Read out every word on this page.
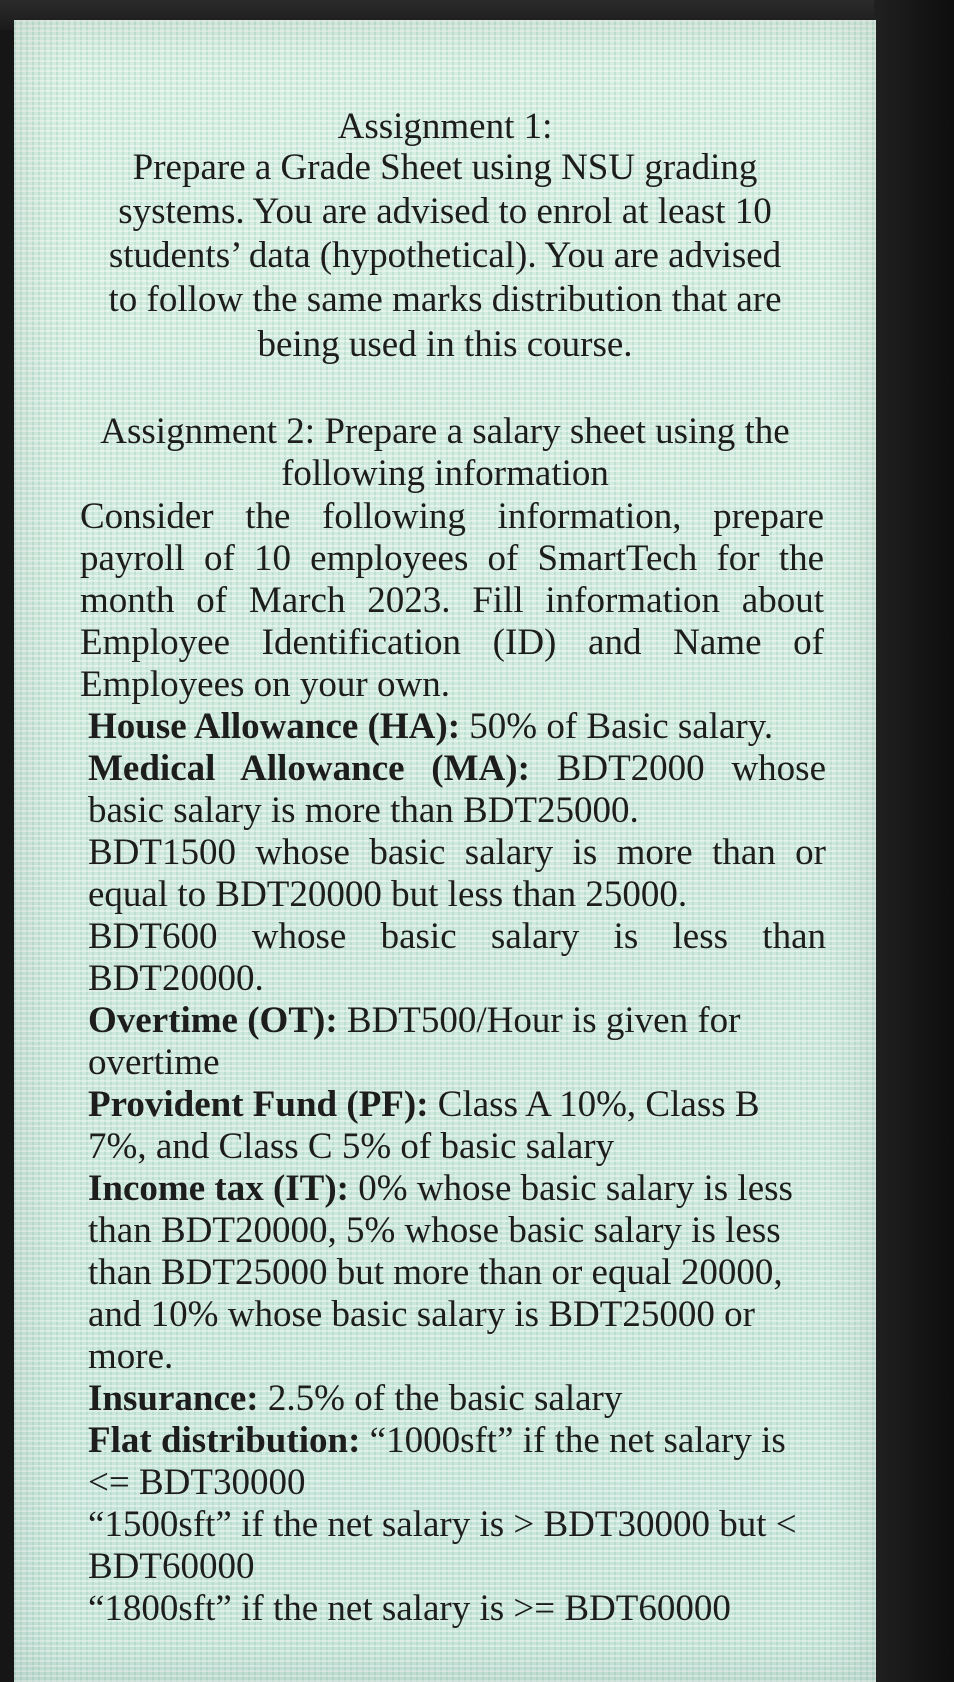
Assignment 1:
Prepare a Grade Sheet using NSU grading
systems. You are advised to enrol at least 10
students’ data (hypothetical). You are advised
to follow the same marks distribution that are
being used in this course.
Assignment 2: Prepare a salary sheet using the
following information
Consider the following information, prepare
payroll of 10 employees of SmartTech for the
month of March 2023. Fill information about
Employee Identification (ID) and Name of
Employees on your own.
House Allowance (HA): 50% of Basic salary.
Medical Allowance (MA): BDT2000 whose
basic salary is more than BDT25000.
BDT1500 whose basic salary is more than or
equal to BDT20000 but less than 25000.
BDT600 whose basic salary is less than
BDT20000.
Overtime (OT): BDT500/Hour is given for
overtime
Provident Fund (PF): Class A 10%, Class B
7%, and Class C 5% of basic salary
Income tax (IT): 0% whose basic salary is less
than BDT20000, 5% whose basic salary is less
than BDT25000 but more than or equal 20000,
and 10% whose basic salary is BDT25000 or
more.
Insurance: 2.5% of the basic salary
Flat distribution: “1000sft” if the net salary is
<= BDT30000
“1500sft” if the net salary is > BDT30000 but <
BDT60000
“1800sft” if the net salary is >= BDT60000
